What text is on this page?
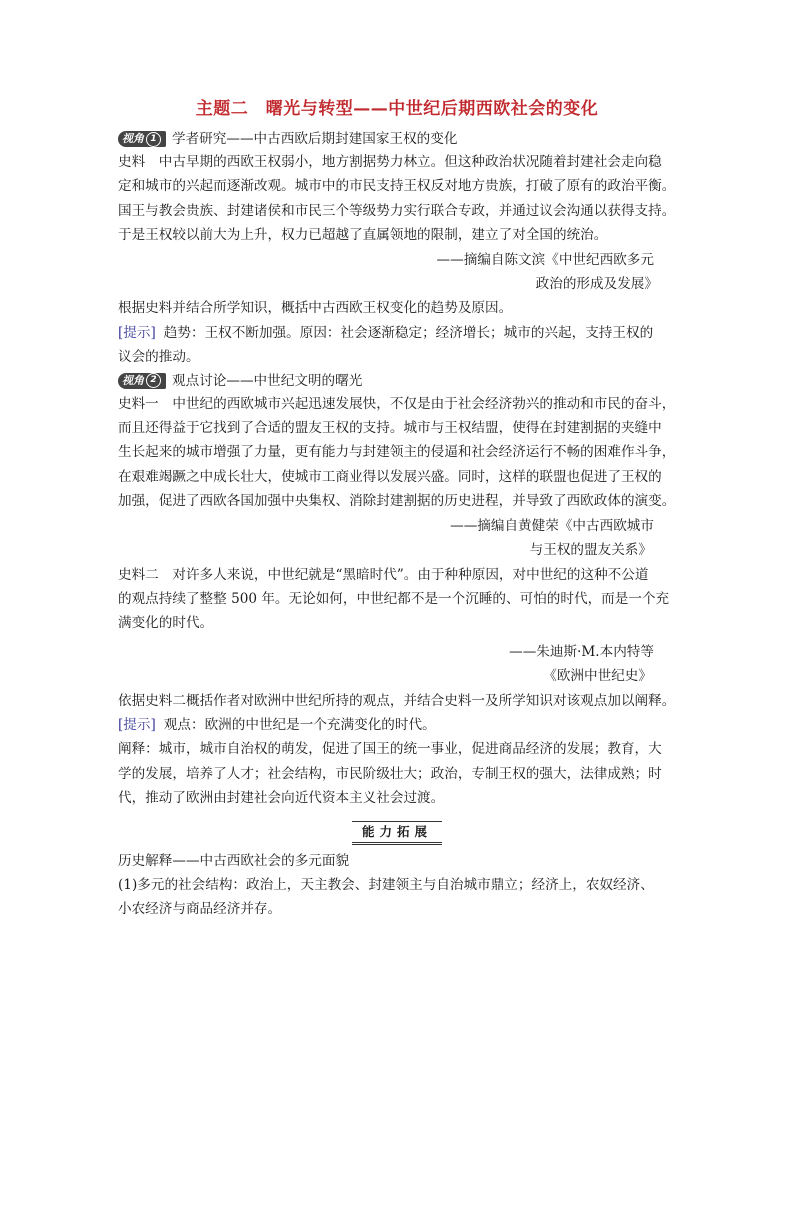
主题二　曙光与转型——中世纪后期西欧社会的变化
视角 1	学者研究——中古西欧后期封建国家王权的变化
史料　中古早期的西欧王权弱小，地方割据势力林立。但这种政治状况随着封建社会走向稳
定和城市的兴起而逐渐改观。城市中的市民支持王权反对地方贵族，打破了原有的政治平衡。
国王与教会贵族、封建诸侯和市民三个等级势力实行联合专政，并通过议会沟通以获得支持。
于是王权较以前大为上升，权力已超越了直属领地的限制，建立了对全国的统治。
——摘编自陈文滨《中世纪西欧多元
政治的形成及发展》
根据史料并结合所学知识，概括中古西欧王权变化的趋势及原因。
[提示] 趋势：王权不断加强。原因：社会逐渐稳定；经济增长；城市的兴起，支持王权的
议会的推动。
视角 2	观点讨论——中世纪文明的曙光
史料一　中世纪的西欧城市兴起迅速发展快，不仅是由于社会经济勃兴的推动和市民的奋斗，
而且还得益于它找到了合适的盟友王权的支持。城市与王权结盟，使得在封建割据的夹缝中
生长起来的城市增强了力量，更有能力与封建领主的侵逼和社会经济运行不畅的困难作斗争，
在艰难竭蹶之中成长壮大，使城市工商业得以发展兴盛。同时，这样的联盟也促进了王权的
加强，促进了西欧各国加强中央集权、消除封建割据的历史进程，并导致了西欧政体的演变。
——摘编自黄健荣《中古西欧城市
与王权的盟友关系》
史料二　对许多人来说，中世纪就是“黑暗时代”。由于种种原因，对中世纪的这种不公道
的观点持续了整整 500 年。无论如何，中世纪都不是一个沉睡的、可怕的时代，而是一个充
满变化的时代。
——朱迪斯·M.本内特等
《欧洲中世纪史》
依据史料二概括作者对欧洲中世纪所持的观点，并结合史料一及所学知识对该观点加以阐释。
[提示] 观点：欧洲的中世纪是一个充满变化的时代。
阐释：城市，城市自治权的萌发，促进了国王的统一事业，促进商品经济的发展；教育，大
学的发展，培养了人才；社会结构，市民阶级壮大；政治，专制王权的强大，法律成熟；时
代，推动了欧洲由封建社会向近代资本主义社会过渡。
能力拓展
历史解释——中古西欧社会的多元面貌
(1)多元的社会结构：政治上，天主教会、封建领主与自治城市鼎立；经济上，农奴经济、
小农经济与商品经济并存。
